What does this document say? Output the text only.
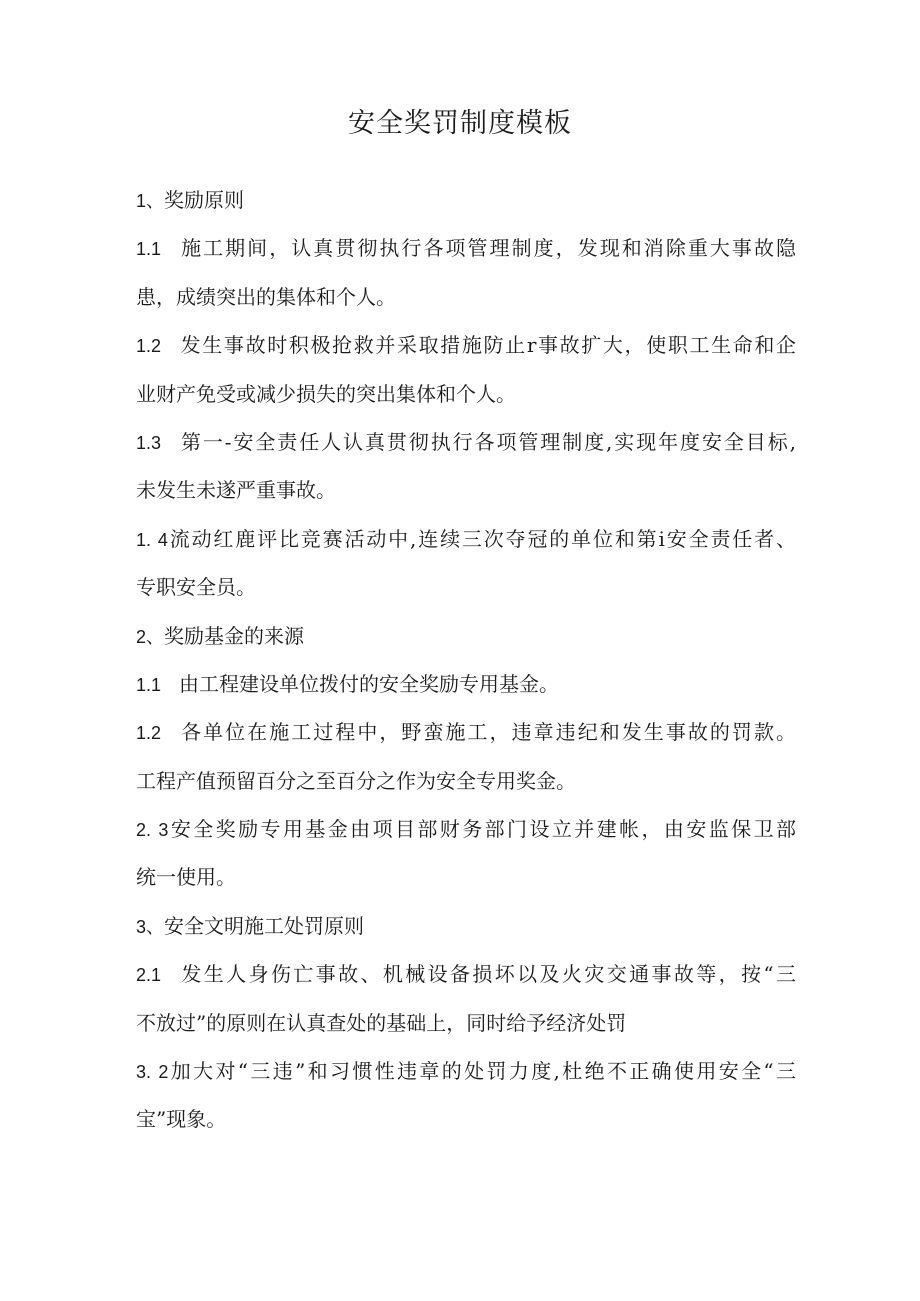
安全奖罚制度模板
1、奖励原则
1.1 施工期间，认真贯彻执行各项管理制度，发现和消除重大事故隐
患，成绩突出的集体和个人。
1.2 发生事故时积极抢救并采取措施防止r事故扩大，使职工生命和企
业财产免受或减少损失的突出集体和个人。
1.3 第一-安全责任人认真贯彻执行各项管理制度,实现年度安全目标,
未发生未遂严重事故。
1. 4流动红鹿评比竞赛活动中,连续三次夺冠的单位和第i安全责任者、
专职安全员。
2、奖励基金的来源
1.1 由工程建设单位拨付的安全奖励专用基金。
1.2 各单位在施工过程中，野蛮施工，违章违纪和发生事故的罚款。
工程产值预留百分之至百分之作为安全专用奖金。
2. 3安全奖励专用基金由项目部财务部门设立并建帐，由安监保卫部
统一使用。
3、安全文明施工处罚原则
2.1 发生人身伤亡事故、机械设备损坏以及火灾交通事故等，按“三
不放过”的原则在认真查处的基础上，同时给予经济处罚
3. 2加大对“三违”和习惯性违章的处罚力度,杜绝不正确使用安全“三
宝”现象。
